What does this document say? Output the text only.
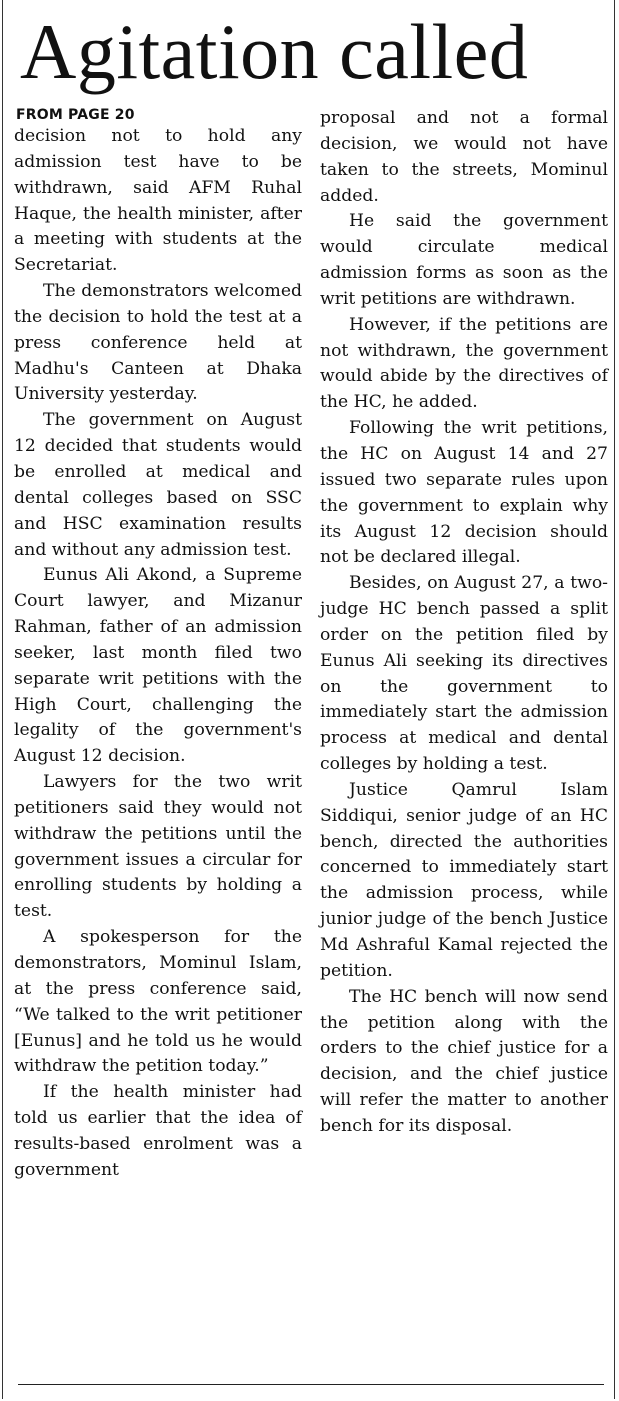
Agitation called
FROM PAGE 20

decision not to hold any admission test have to be withdrawn, said AFM Ruhal Haque, the health minister, after a meeting with students at the Secretariat.

The demonstrators welcomed the decision to hold the test at a press conference held at Madhu's Canteen at Dhaka University yesterday.

The government on August 12 decided that students would be enrolled at medical and dental colleges based on SSC and HSC examination results and without any admission test.

Eunus Ali Akond, a Supreme Court lawyer, and Mizanur Rahman, father of an admission seeker, last month filed two separate writ petitions with the High Court, challenging the legality of the government's August 12 decision.

Lawyers for the two writ petitioners said they would not withdraw the petitions until the government issues a circular for enrolling students by holding a test.

A spokesperson for the demonstrators, Mominul Islam, at the press conference said, “We talked to the writ petitioner [Eunus] and he told us he would withdraw the petition today.”

If the health minister had told us earlier that the idea of results-based enrolment was a government

proposal and not a formal decision, we would not have taken to the streets, Mominul added.

He said the government would circulate medical admission forms as soon as the writ petitions are withdrawn.

However, if the petitions are not withdrawn, the government would abide by the directives of the HC, he added.

Following the writ petitions, the HC on August 14 and 27 issued two separate rules upon the government to explain why its August 12 decision should not be declared illegal.

Besides, on August 27, a two-judge HC bench passed a split order on the petition filed by Eunus Ali seeking its directives on the government to immediately start the admission process at medical and dental colleges by holding a test.

Justice Qamrul Islam Siddiqui, senior judge of an HC bench, directed the authorities concerned to immediately start the admission process, while junior judge of the bench Justice Md Ashraful Kamal rejected the petition.

The HC bench will now send the petition along with the orders to the chief justice for a decision, and the chief justice will refer the matter to another bench for its disposal.
